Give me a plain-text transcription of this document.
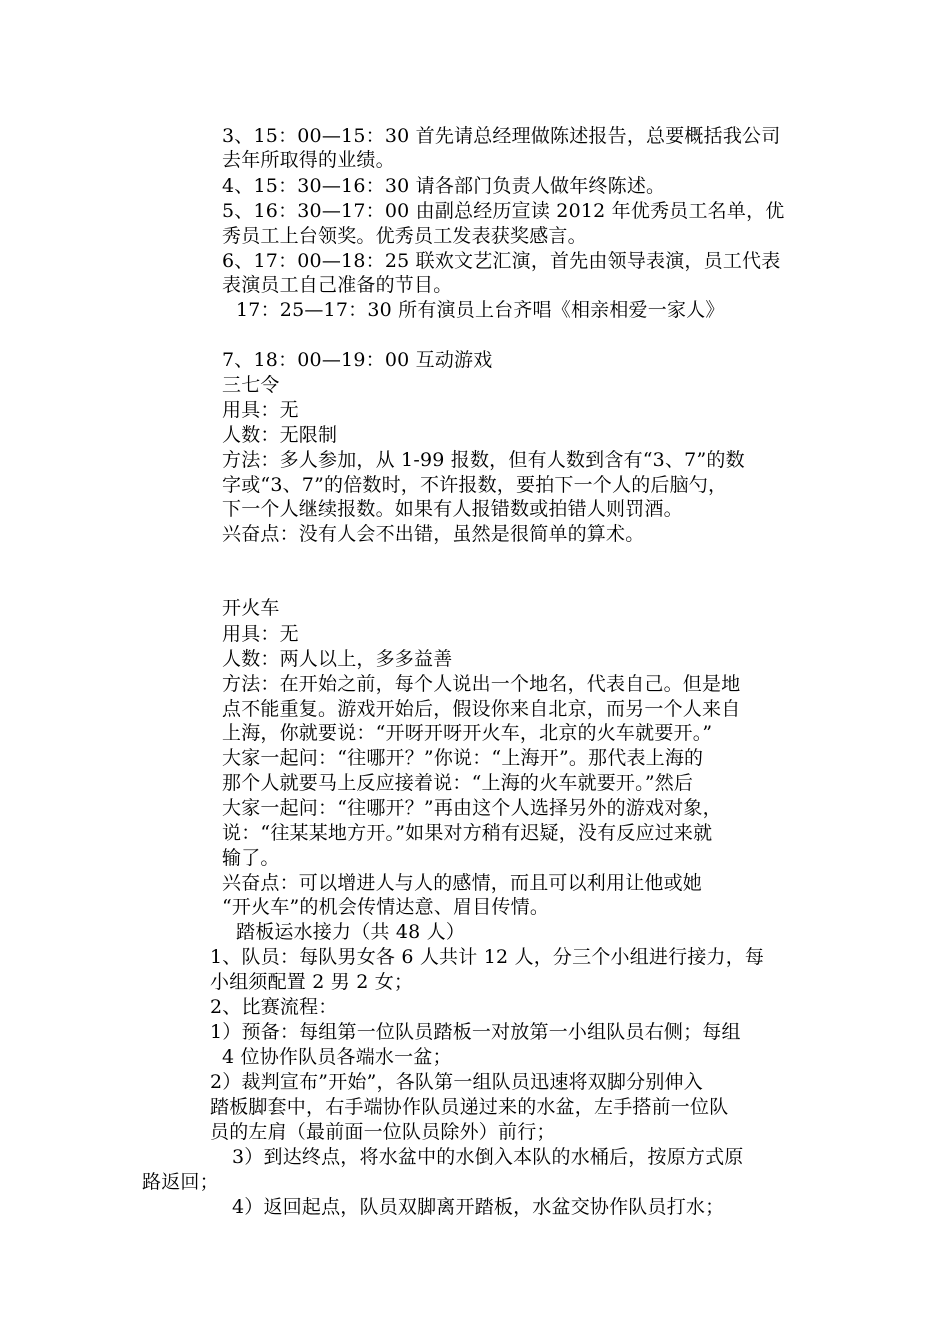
3、15：00—15：30 首先请总经理做陈述报告，总要概括我公司
去年所取得的业绩。
4、15：30—16：30 请各部门负责人做年终陈述。
5、16：30—17：00 由副总经历宣读 2012 年优秀员工名单，优
秀员工上台领奖。优秀员工发表获奖感言。
6、17：00—18：25 联欢文艺汇演，首先由领导表演，员工代表
表演员工自己准备的节目。
17：25—17：30 所有演员上台齐唱《相亲相爱一家人》
7、18：00—19：00 互动游戏
三七令
用具：无
人数：无限制
方法：多人参加，从 1-99 报数，但有人数到含有“3、7”的数
字或“3、7”的倍数时，不许报数，要拍下一个人的后脑勺，
下一个人继续报数。如果有人报错数或拍错人则罚酒。
兴奋点：没有人会不出错，虽然是很简单的算术。
开火车
用具：无
人数：两人以上，多多益善
方法：在开始之前，每个人说出一个地名，代表自己。但是地
点不能重复。游戏开始后，假设你来自北京，而另一个人来自
上海，你就要说：“开呀开呀开火车，北京的火车就要开。”
大家一起问：“往哪开？”你说：“上海开”。那代表上海的
那个人就要马上反应接着说：“上海的火车就要开。”然后
大家一起问：“往哪开？”再由这个人选择另外的游戏对象，
说：“往某某地方开。”如果对方稍有迟疑，没有反应过来就
输了。
兴奋点：可以增进人与人的感情，而且可以利用让他或她
“开火车”的机会传情达意、眉目传情。
踏板运水接力（共 48 人）
1、队员：每队男女各 6 人共计 12 人，分三个小组进行接力，每
小组须配置 2 男 2 女；
2、比赛流程：
1）预备：每组第一位队员踏板一对放第一小组队员右侧；每组
4 位协作队员各端水一盆；
2）裁判宣布”开始”，各队第一组队员迅速将双脚分别伸入
踏板脚套中，右手端协作队员递过来的水盆，左手搭前一位队
员的左肩（最前面一位队员除外）前行；
3）到达终点，将水盆中的水倒入本队的水桶后，按原方式原
路返回；
4）返回起点，队员双脚离开踏板，水盆交协作队员打水；
